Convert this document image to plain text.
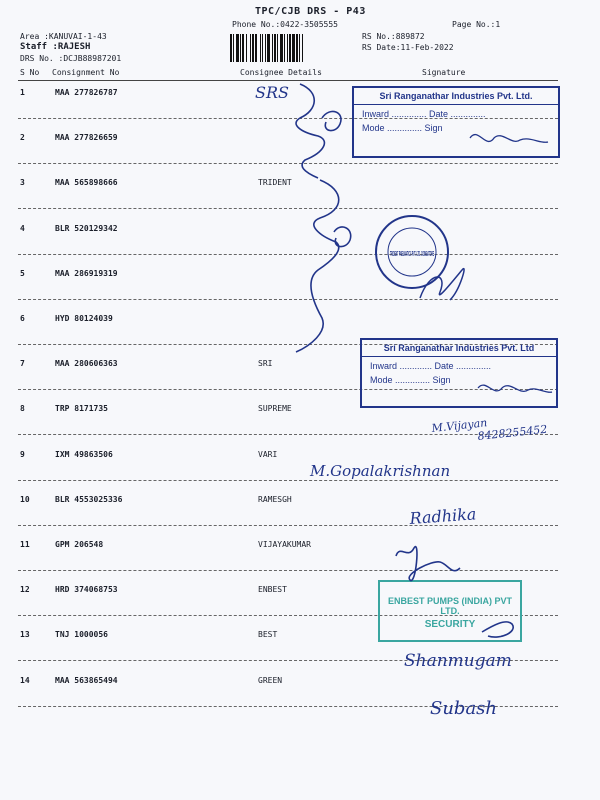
TPC/CJB DRS - P43
Phone No.:0422-3505555	Page No.:1
Area :KANUVAI-1-43
Staff :RAJESH
DRS No. :DCJB88987201
RS No.:889872
RS Date:11-Feb-2022
S No Consignment No	Consignee Details	Signature
1	MAA 277826787
2	MAA 277826659
3	MAA 565898666	TRIDENT
4	BLR 520129342
5	MAA 286919319
6	HYD 80124039
7	MAA 280606363	SRI
8	TRP 8171735	SUPREME
9	IXM 49863506	VARI
10	BLR 4553025336	RAMESGH
11	GPM 206548	VIJAYAKUMAR
12	HRD 374068753	ENBEST
13	TNJ 1000056	BEST
14	MAA 563865494	GREEN
Sri Ranganathar Industries Pvt. Ltd.
Inward .............. Date ..............
Mode .............. Sign
Sri Ranganathar Industries Pvt. Ltd
Inward ............. Date ..............
Mode .............. Sign
ENBEST PUMPS (INDIA) PVT LTD.
SECURITY
TRIDENT PNEUMATICS PVT. LTD. COIMBATORE
SRS
M.Vijayan
8428255452
M.Gopalakrishnan
Radhika
Shanmugam
Subash
